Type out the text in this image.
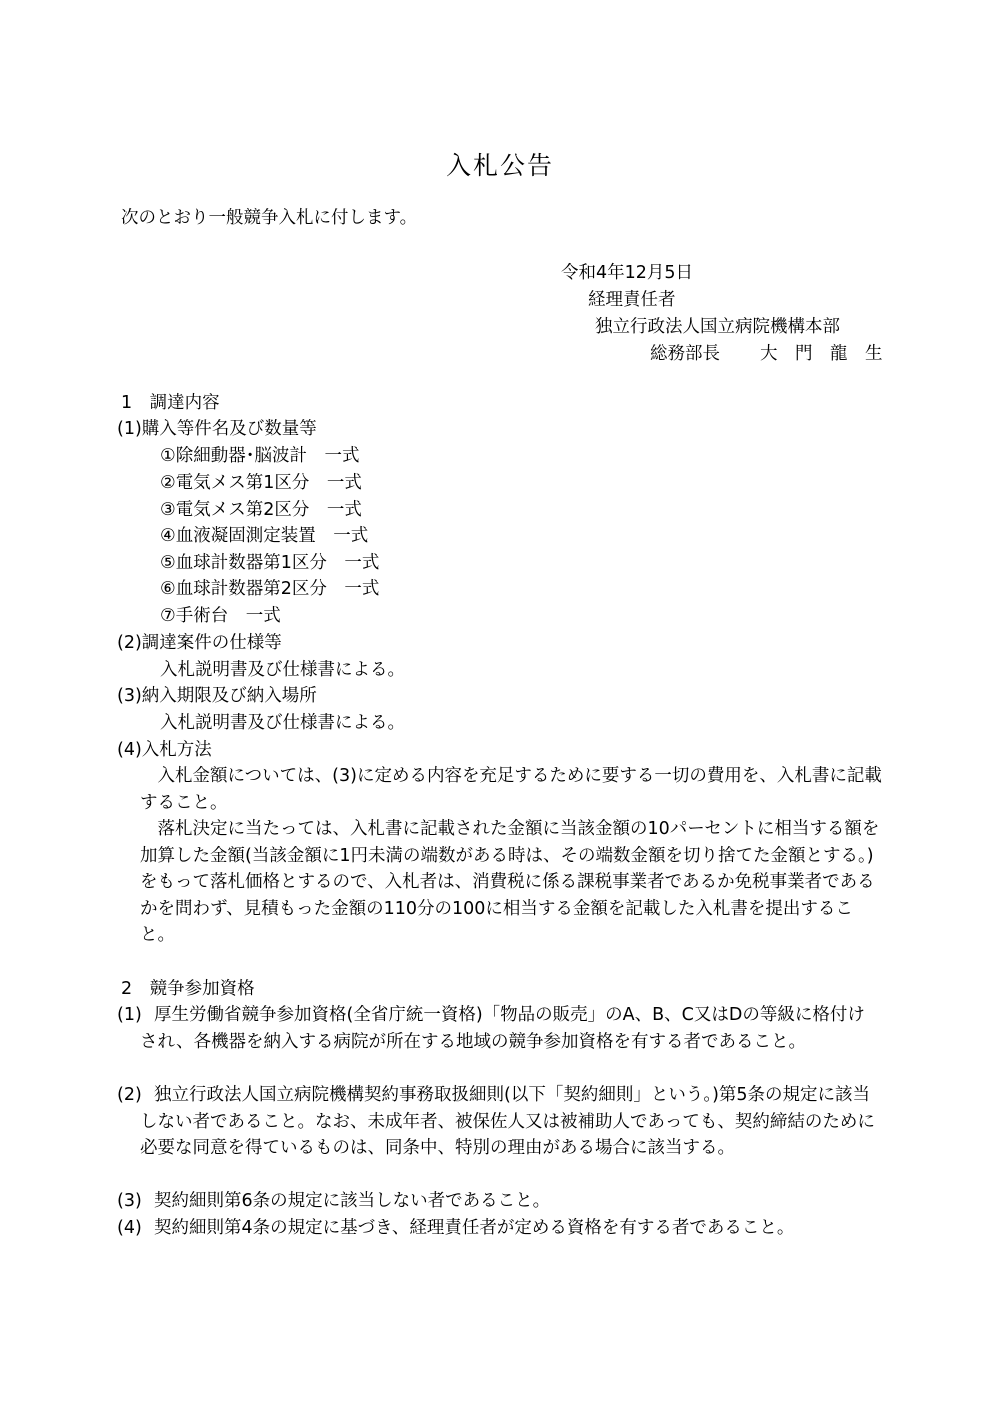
入札公告
次のとおり一般競争入札に付します。
令和4年12月5日
経理責任者
独立行政法人国立病院機構本部
総務部長 大　門　龍　生
1　調達内容
(1)購入等件名及び数量等
①除細動器･脳波計　一式
②電気メス第1区分　一式
③電気メス第2区分　一式
④血液凝固測定装置　一式
⑤血球計数器第1区分　一式
⑥血球計数器第2区分　一式
⑦手術台　一式
(2)調達案件の仕様等
入札説明書及び仕様書による。
(3)納入期限及び納入場所
入札説明書及び仕様書による。
(4)入札方法
　入札金額については、(3)に定める内容を充足するために要する一切の費用を、入札書に記載すること。
　落札決定に当たっては、入札書に記載された金額に当該金額の10パーセントに相当する額を加算した金額(当該金額に1円未満の端数がある時は、その端数金額を切り捨てた金額とする。)をもって落札価格とするので、入札者は、消費税に係る課税事業者であるか免税事業者であるかを問わず、見積もった金額の110分の100に相当する金額を記載した入札書を提出すること。
2　競争参加資格
(1) 厚生労働省競争参加資格(全省庁統一資格)「物品の販売」のA、B、C又はDの等級に格付けされ、各機器を納入する病院が所在する地域の競争参加資格を有する者であること。
(2) 独立行政法人国立病院機構契約事務取扱細則(以下「契約細則」という。)第5条の規定に該当しない者であること。なお、未成年者、被保佐人又は被補助人であっても、契約締結のために必要な同意を得ているものは、同条中、特別の理由がある場合に該当する。
(3) 契約細則第6条の規定に該当しない者であること。
(4) 契約細則第4条の規定に基づき、経理責任者が定める資格を有する者であること。
